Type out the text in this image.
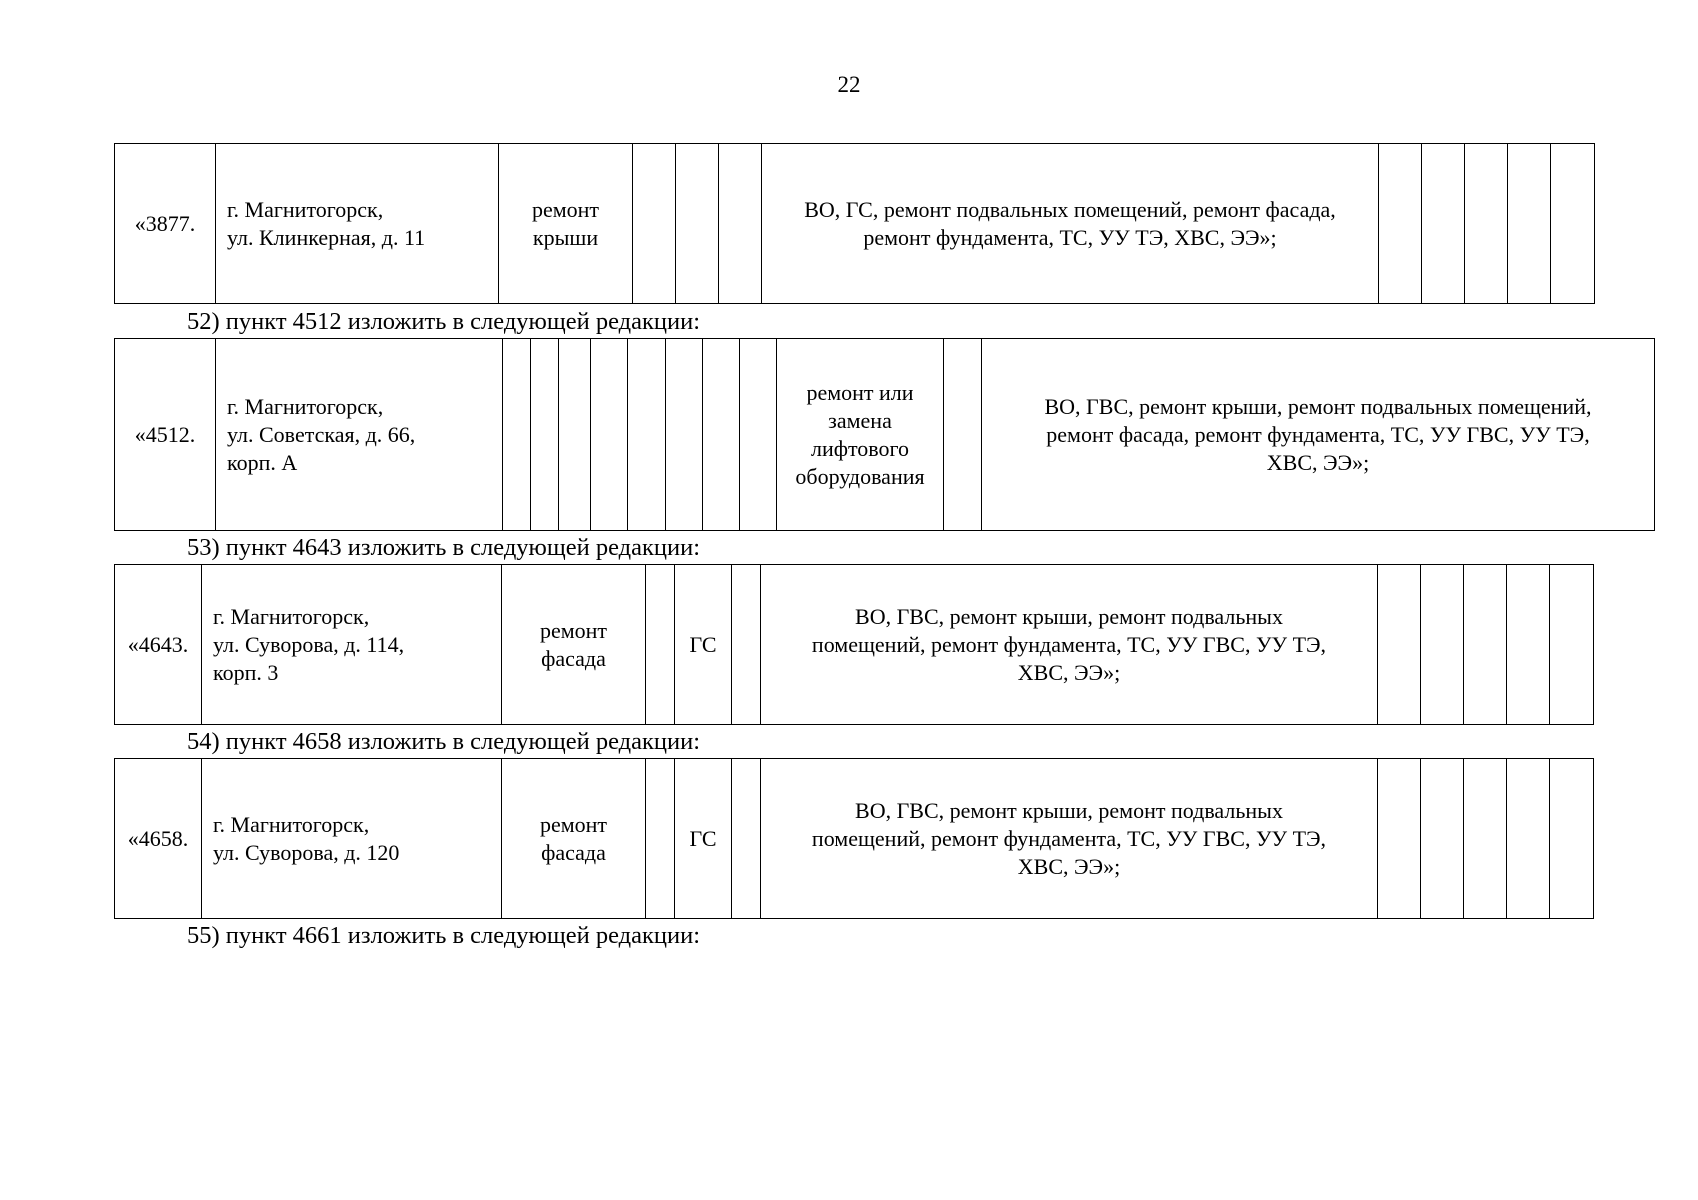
22
«3877.	г. Магнитогорск,
ул. Клинкерная, д. 11	ремонт
крыши				ВО, ГС, ремонт подвальных помещений, ремонт фасада,
ремонт фундамента, ТС, УУ ТЭ, ХВС, ЭЭ»;					
52) пункт 4512 изложить в следующей редакции:
«4512.	г. Магнитогорск,
ул. Советская, д. 66,
корп. А									ремонт или
замена
лифтового
оборудования		ВО, ГВС, ремонт крыши, ремонт подвальных помещений,
ремонт фасада, ремонт фундамента, ТС, УУ ГВС, УУ ТЭ,
ХВС, ЭЭ»;
53) пункт 4643 изложить в следующей редакции:
«4643.	г. Магнитогорск,
ул. Суворова, д. 114,
корп. 3	ремонт
фасада		ГС		ВО, ГВС, ремонт крыши, ремонт подвальных
помещений, ремонт фундамента, ТС, УУ ГВС, УУ ТЭ,
ХВС, ЭЭ»;					
54) пункт 4658 изложить в следующей редакции:
«4658.	г. Магнитогорск,
ул. Суворова, д. 120	ремонт
фасада		ГС		ВО, ГВС, ремонт крыши, ремонт подвальных
помещений, ремонт фундамента, ТС, УУ ГВС, УУ ТЭ,
ХВС, ЭЭ»;					
55) пункт 4661 изложить в следующей редакции:
